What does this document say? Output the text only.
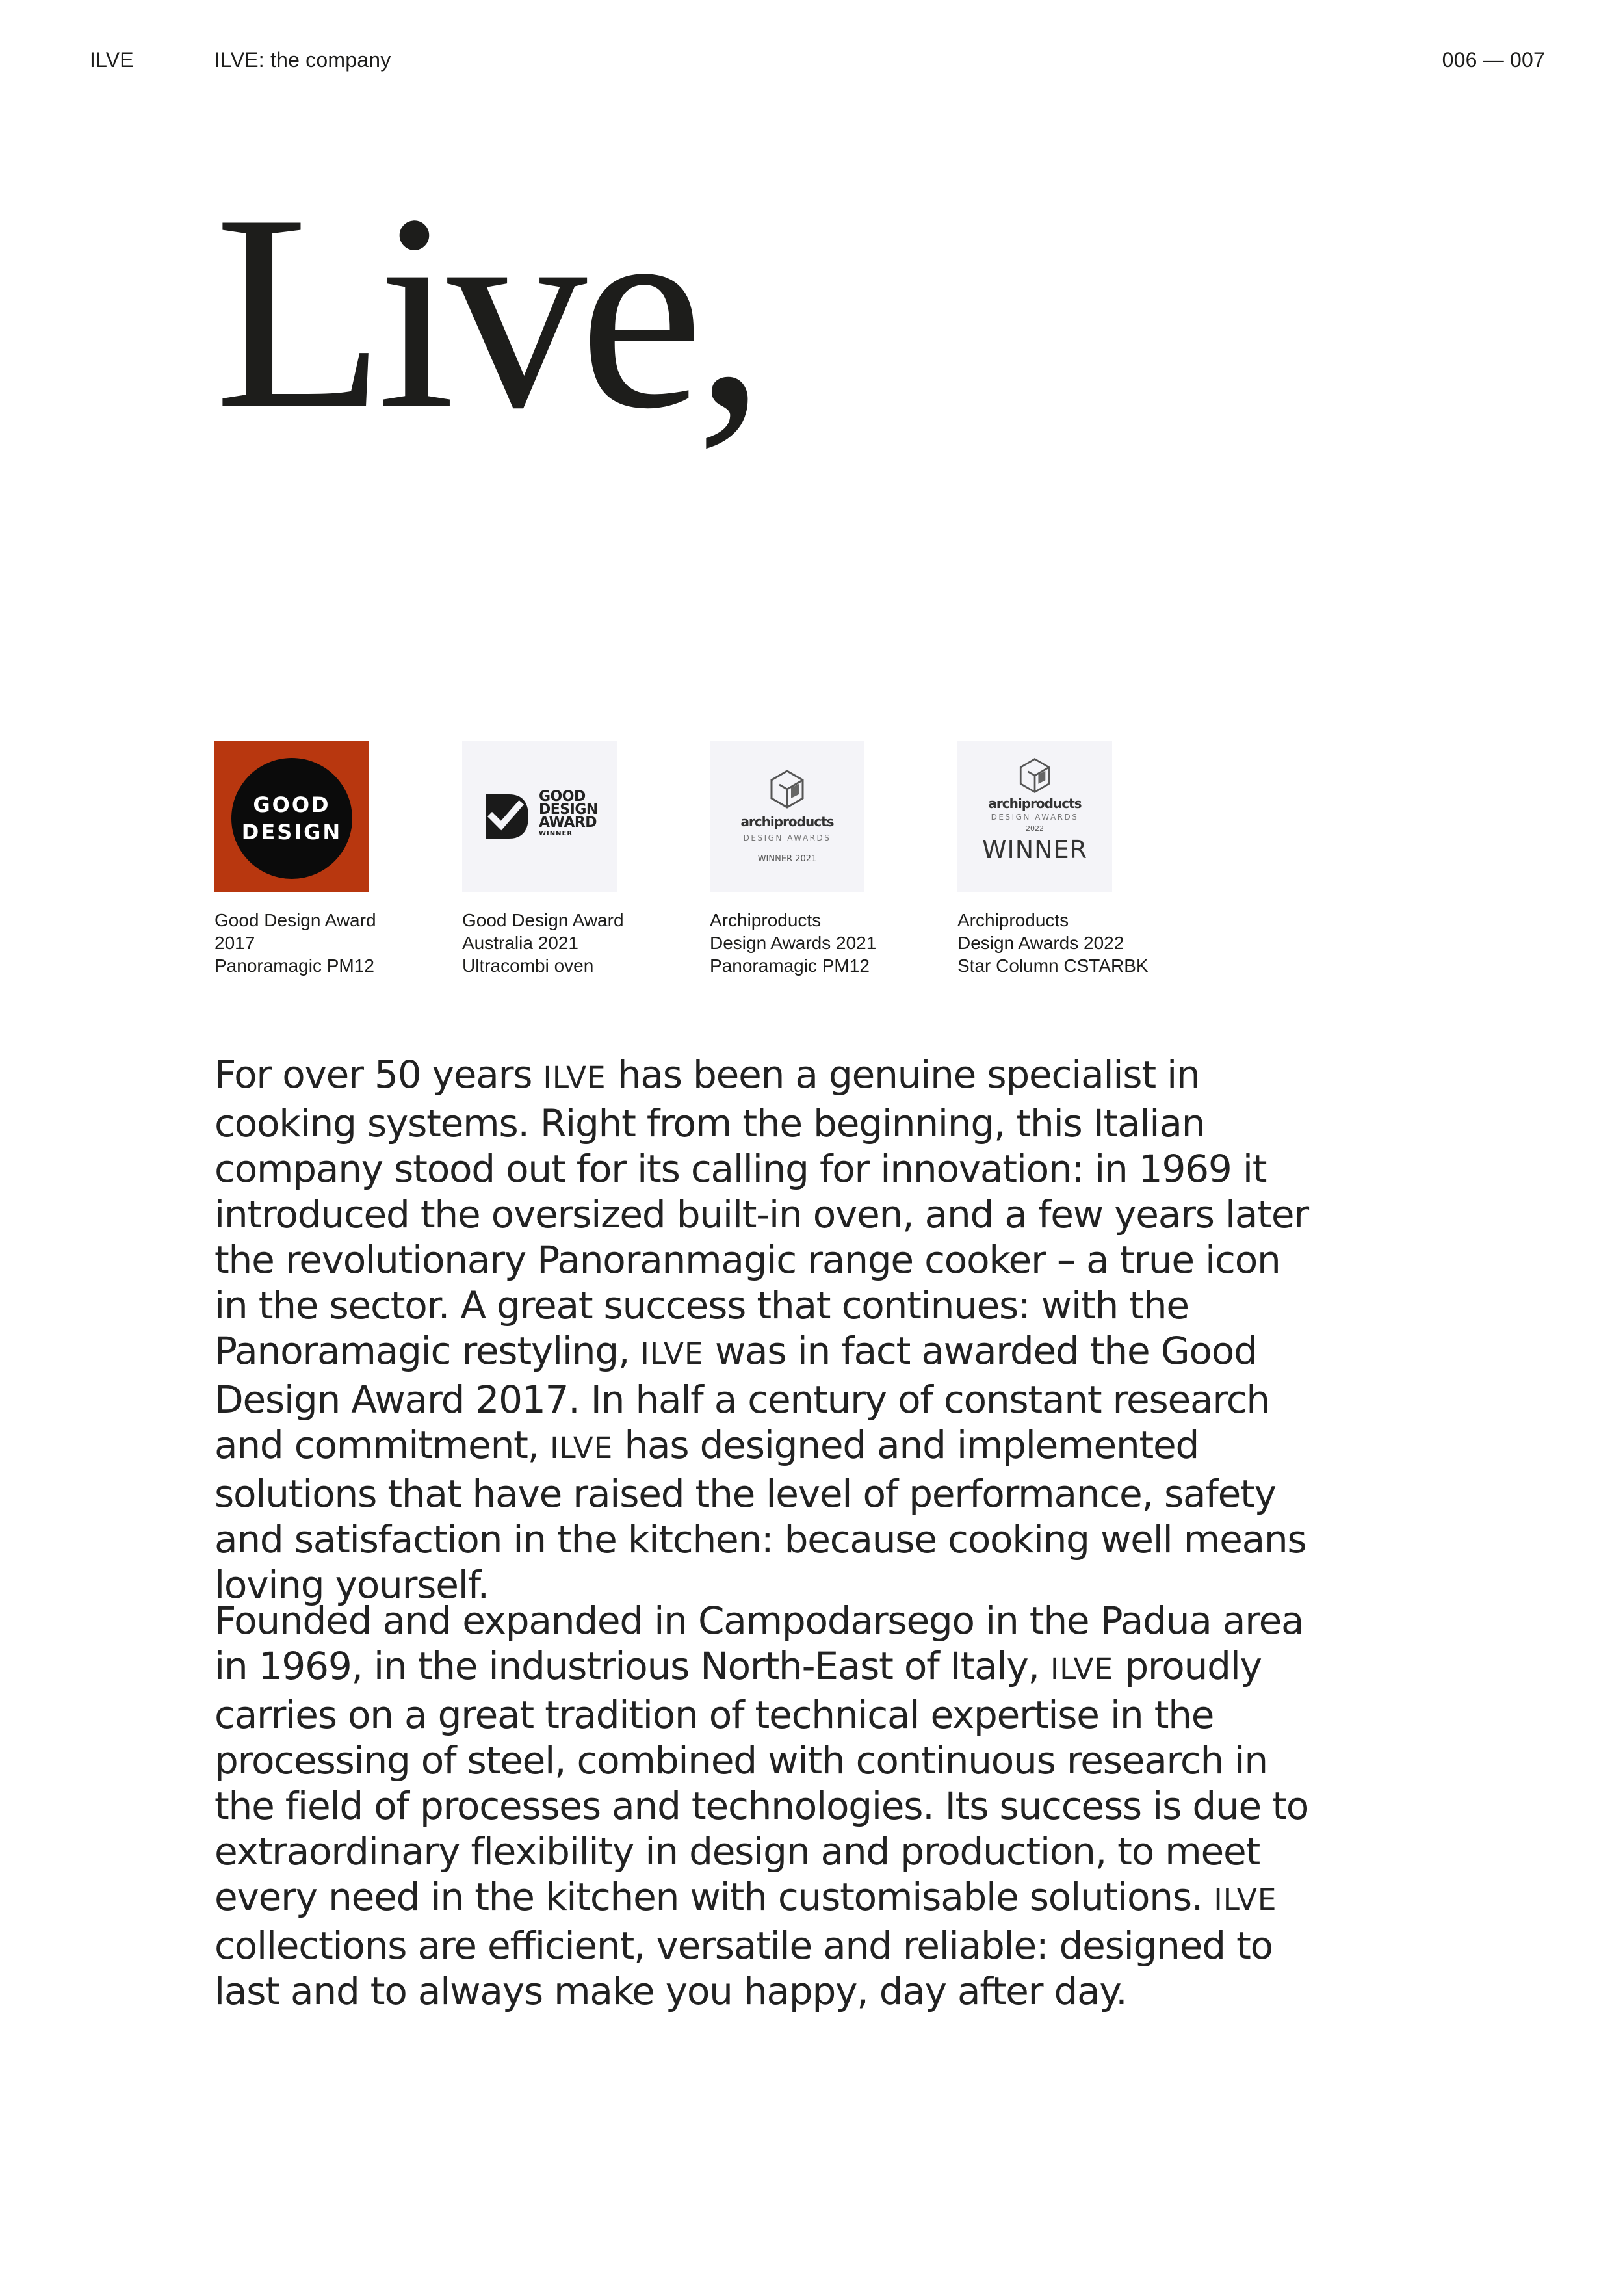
ILVE	ILVE: the company	006 — 007
Live,
GOOD
DESIGN
Good Design Award
2017
Panoramagic PM12
GOOD
DESIGN
AWARD
WINNER
Good Design Award
Australia 2021
Ultracombi oven
archiproducts
DESIGN AWARDS
WINNER 2021
Archiproducts
Design Awards 2021
Panoramagic PM12
archiproducts
DESIGN AWARDS
2022
WINNER
Archiproducts
Design Awards 2022
Star Column CSTARBK

For over 50 years ILVE has been a genuine specialist in cooking systems. Right from the beginning, this Italian company stood out for its calling for innovation: in 1969 it introduced the oversized built-in oven, and a few years later the revolutionary Panoranmagic range cooker – a true icon in the sector. A great success that continues: with the Panoramagic restyling, ILVE was in fact awarded the Good Design Award 2017. In half a century of constant research and commitment, ILVE has designed and implemented solutions that have raised the level of performance, safety and satisfaction in the kitchen: because cooking well means loving yourself.

Founded and expanded in Campodarsego in the Padua area in 1969, in the industrious North-East of Italy, ILVE proudly carries on a great tradition of technical expertise in the processing of steel, combined with continuous research in the field of processes and technologies. Its success is due to extraordinary flexibility in design and production, to meet every need in the kitchen with customisable solutions. ILVE collections are efficient, versatile and reliable: designed to last and to always make you happy, day after day.
